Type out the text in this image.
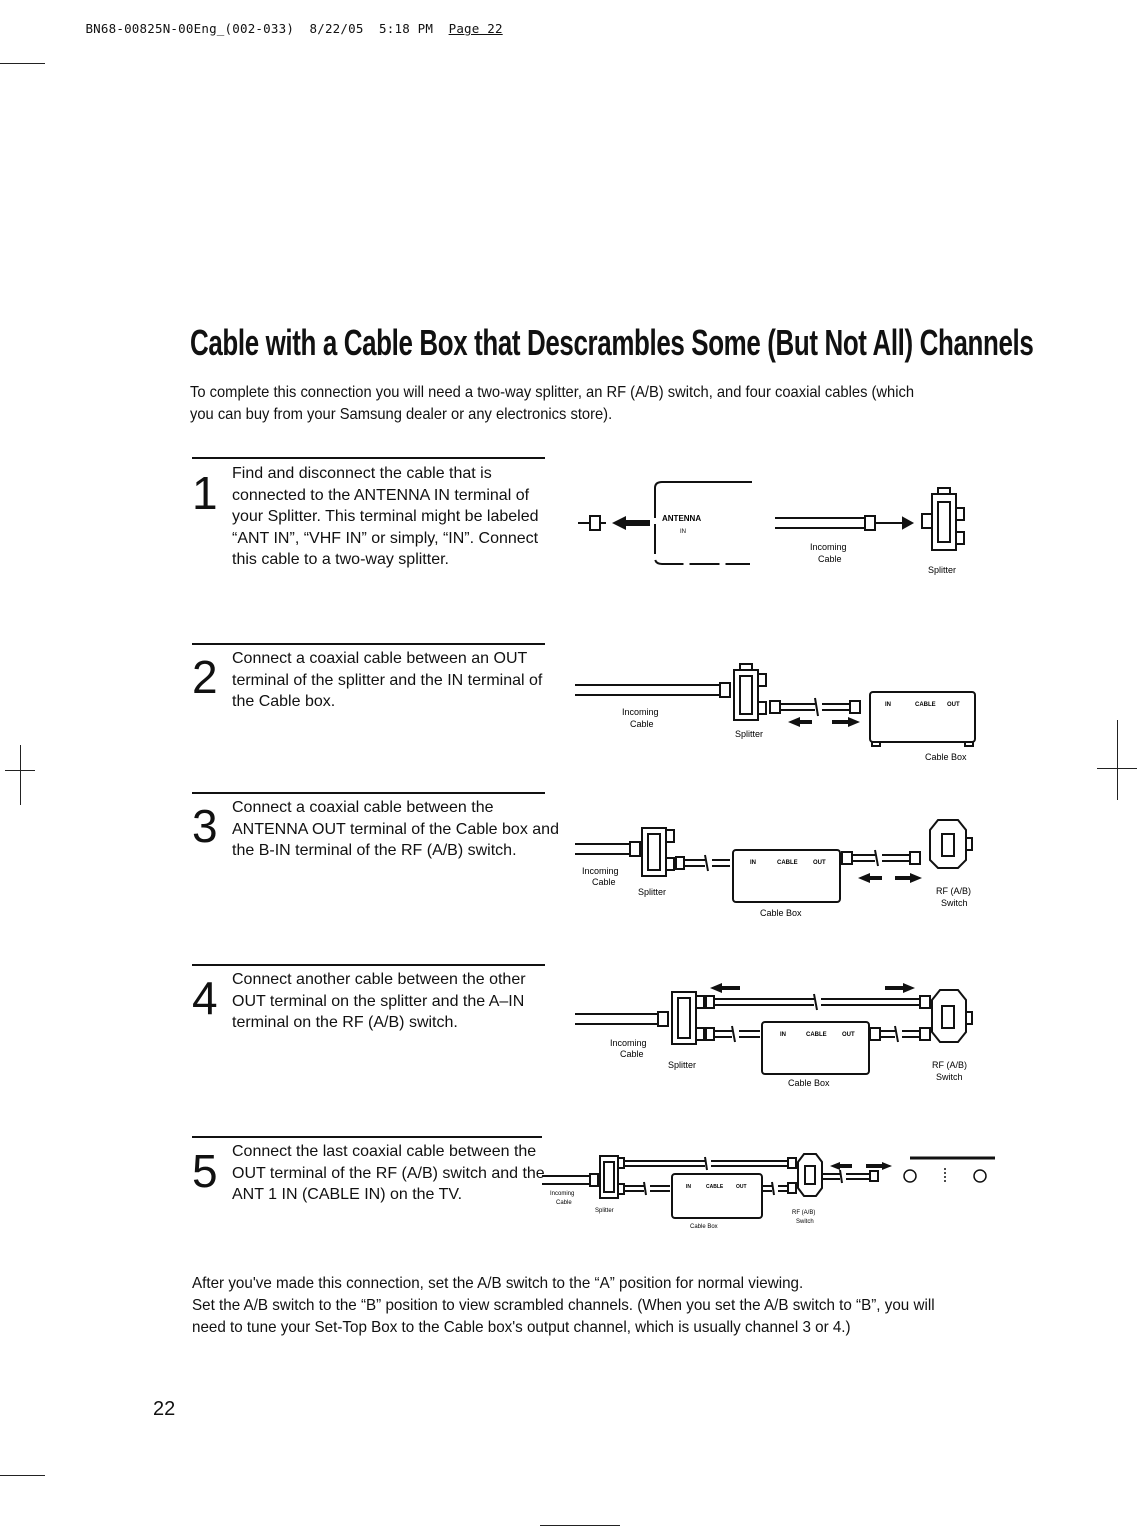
BN68-00825N-00Eng_(002-033) 8/22/05 5:18 PM Page 22

Cable with a Cable Box that Descrambles Some (But Not All) Channels
To complete this connection you will need a two-way splitter, an RF (A/B) switch, and four coaxial cables (which you can buy from your Samsung dealer or any electronics store).
1 Find and disconnect the cable that is connected to the ANTENNA IN terminal of your Splitter. This terminal might be labeled “ANT IN”, “VHF IN” or simply, “IN”. Connect this cable to a two-way splitter.
2 Connect a coaxial cable between an OUT terminal of the splitter and the IN terminal of the Cable box.
3 Connect a coaxial cable between the ANTENNA OUT terminal of the Cable box and the B-IN terminal of the RF (A/B) switch.
4 Connect another cable between the other OUT terminal on the splitter and the A–IN terminal on the RF (A/B) switch.
5 Connect the last coaxial cable between the OUT terminal of the RF (A/B) switch and the ANT 1 IN (CABLE IN) on the TV.
ANTENNA
IN
Incoming
Cable
Splitter
Incoming
Cable
Splitter
IN	CABLE OUT
Cable Box
Incoming
Cable
Splitter
IN	CABLE	OUT
Cable Box
RF (A/B)
Switch
Incoming
Cable
Splitter
IN	CABLE	OUT
Cable Box
RF (A/B)
Switch
Incoming
Cable
Splitter
IN	CABLE	OUT
Cable Box
RF (A/B)
Switch
After you've made this connection, set the A/B switch to the “A” position for normal viewing.
Set the A/B switch to the “B” position to view scrambled channels. (When you set the A/B switch to “B”, you will need to tune your Set-Top Box to the Cable box's output channel, which is usually channel 3 or 4.)
22
